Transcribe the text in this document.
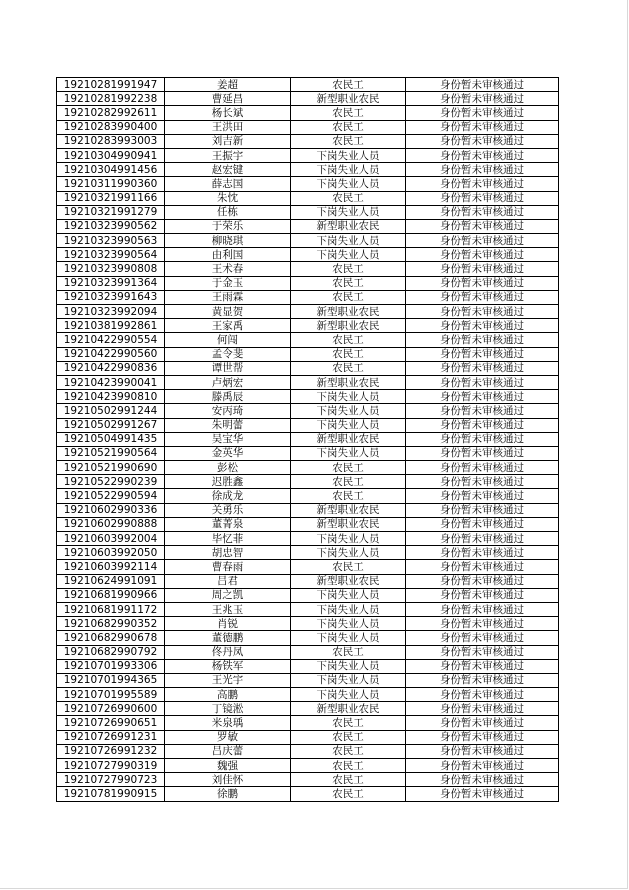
19210281991947	姜超	农民工	身份暂未审核通过
19210281992238	曹延昌	新型职业农民	身份暂未审核通过
19210282992611	杨长斌	农民工	身份暂未审核通过
19210283990400	王洪田	农民工	身份暂未审核通过
19210283993003	刘吉新	农民工	身份暂未审核通过
19210304990941	王振宇	下岗失业人员	身份暂未审核通过
19210304991456	赵宏键	下岗失业人员	身份暂未审核通过
19210311990360	薛志国	下岗失业人员	身份暂未审核通过
19210321991166	朱忱	农民工	身份暂未审核通过
19210321991279	任栋	下岗失业人员	身份暂未审核通过
19210323990562	于荣乐	新型职业农民	身份暂未审核通过
19210323990563	柳晓琪	下岗失业人员	身份暂未审核通过
19210323990564	由利国	下岗失业人员	身份暂未审核通过
19210323990808	王术春	农民工	身份暂未审核通过
19210323991364	于金玉	农民工	身份暂未审核通过
19210323991643	王雨霖	农民工	身份暂未审核通过
19210323992094	黄显贺	新型职业农民	身份暂未审核通过
19210381992861	王家禹	新型职业农民	身份暂未审核通过
19210422990554	何闯	农民工	身份暂未审核通过
19210422990560	孟令斐	农民工	身份暂未审核通过
19210422990836	谭世帮	农民工	身份暂未审核通过
19210423990041	卢炳宏	新型职业农民	身份暂未审核通过
19210423990810	滕禹辰	下岗失业人员	身份暂未审核通过
19210502991244	安丙琦	下岗失业人员	身份暂未审核通过
19210502991267	朱明蕾	下岗失业人员	身份暂未审核通过
19210504991435	吴宝华	新型职业农民	身份暂未审核通过
19210521990564	金英华	下岗失业人员	身份暂未审核通过
19210521990690	彭松	农民工	身份暂未审核通过
19210522990239	迟胜鑫	农民工	身份暂未审核通过
19210522990594	徐成龙	农民工	身份暂未审核通过
19210602990336	关勇乐	新型职业农民	身份暂未审核通过
19210602990888	董菁泉	新型职业农民	身份暂未审核通过
19210603992004	毕忆菲	下岗失业人员	身份暂未审核通过
19210603992050	胡忠智	下岗失业人员	身份暂未审核通过
19210603992114	曹春雨	农民工	身份暂未审核通过
19210624991091	吕君	新型职业农民	身份暂未审核通过
19210681990966	周之凯	下岗失业人员	身份暂未审核通过
19210681991172	王兆玉	下岗失业人员	身份暂未审核通过
19210682990352	肖锐	下岗失业人员	身份暂未审核通过
19210682990678	董德鹏	下岗失业人员	身份暂未审核通过
19210682990792	佟丹凤	农民工	身份暂未审核通过
19210701993306	杨铁军	下岗失业人员	身份暂未审核通过
19210701994365	王光宇	下岗失业人员	身份暂未审核通过
19210701995589	高鹏	下岗失业人员	身份暂未审核通过
19210726990600	丁镜淞	新型职业农民	身份暂未审核通过
19210726990651	米泉瑀	农民工	身份暂未审核通过
19210726991231	罗敏	农民工	身份暂未审核通过
19210726991232	吕庆蕾	农民工	身份暂未审核通过
19210727990319	魏强	农民工	身份暂未审核通过
19210727990723	刘佳怀	农民工	身份暂未审核通过
19210781990915	徐鹏	农民工	身份暂未审核通过
